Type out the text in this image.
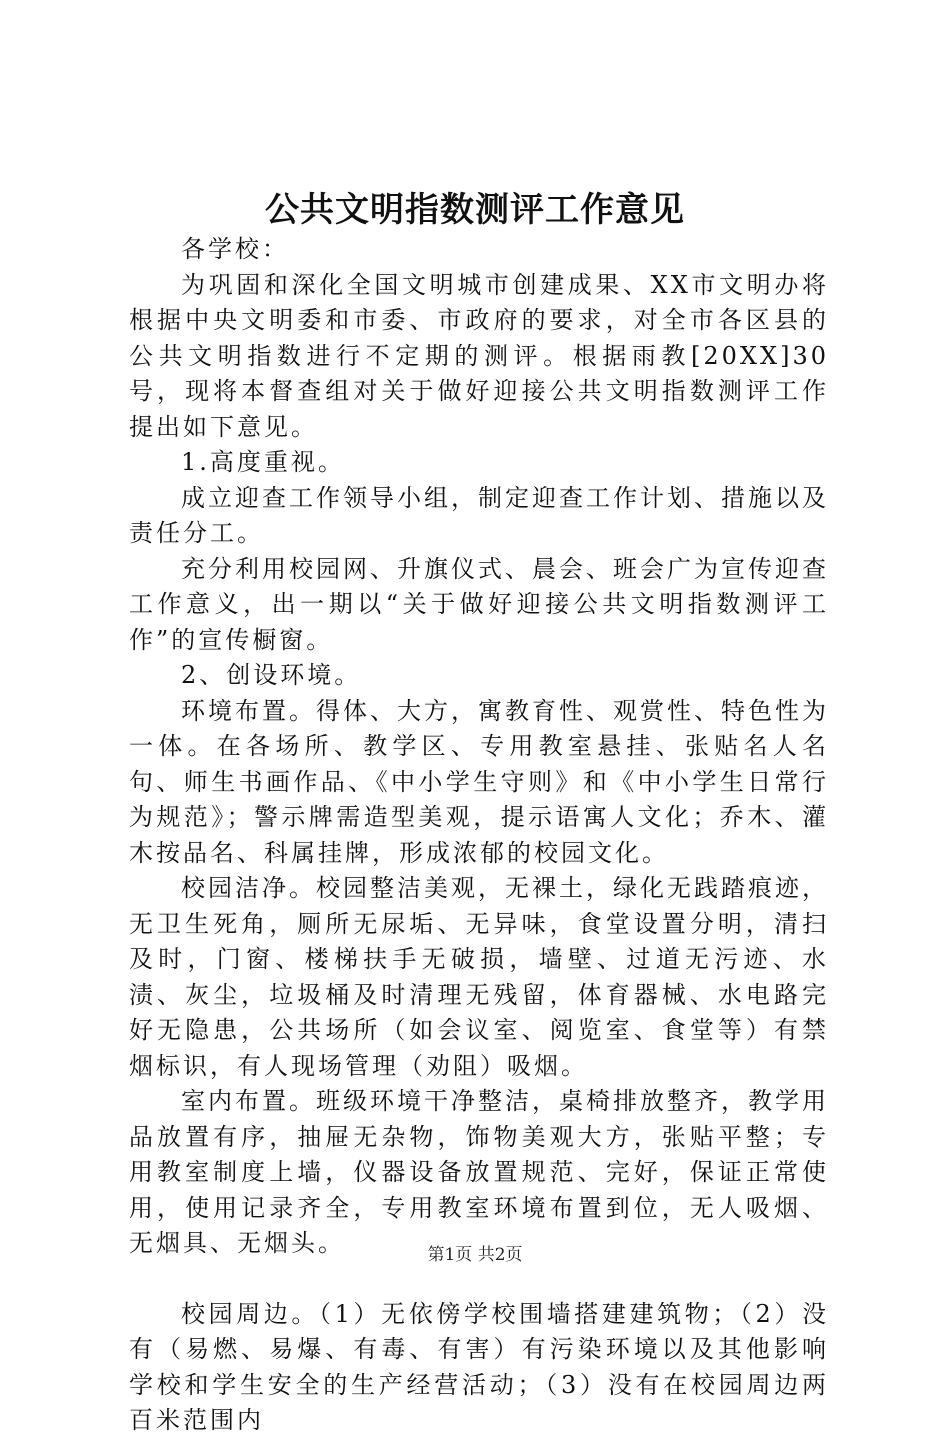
公共文明指数测评工作意见

各学校：

为巩固和深化全国文明城市创建成果、XX市文明办将根据中央文明委和市委、市政府的要求，对全市各区县的公共文明指数进行不定期的测评。根据雨教[20XX]30号，现将本督查组对关于做好迎接公共文明指数测评工作提出如下意见。

1.高度重视。

成立迎查工作领导小组，制定迎查工作计划、措施以及责任分工。

充分利用校园网、升旗仪式、晨会、班会广为宣传迎查工作意义，出一期以“关于做好迎接公共文明指数测评工作”的宣传橱窗。

2、创设环境。

环境布置。得体、大方，寓教育性、观赏性、特色性为一体。在各场所、教学区、专用教室悬挂、张贴名人名句、师生书画作品、《中小学生守则》和《中小学生日常行为规范》；警示牌需造型美观，提示语寓人文化；乔木、灌木按品名、科属挂牌，形成浓郁的校园文化。

校园洁净。校园整洁美观，无裸土，绿化无践踏痕迹，无卫生死角，厕所无尿垢、无异味，食堂设置分明，清扫及时，门窗、楼梯扶手无破损，墙壁、过道无污迹、水渍、灰尘，垃圾桶及时清理无残留，体育器械、水电路完好无隐患，公共场所（如会议室、阅览室、食堂等）有禁烟标识，有人现场管理（劝阻）吸烟。

室内布置。班级环境干净整洁，桌椅排放整齐，教学用品放置有序，抽屉无杂物，饰物美观大方，张贴平整；专用教室制度上墙，仪器设备放置规范、完好，保证正常使用，使用记录齐全，专用教室环境布置到位，无人吸烟、无烟具、无烟头。

校园周边。（1）无依傍学校围墙搭建建筑物；（2）没有（易燃、易爆、有毒、有害）有污染环境以及其他影响学校和学生安全的生产经营活动；（3）没有在校园周边两百米范围内

第1页 共2页
